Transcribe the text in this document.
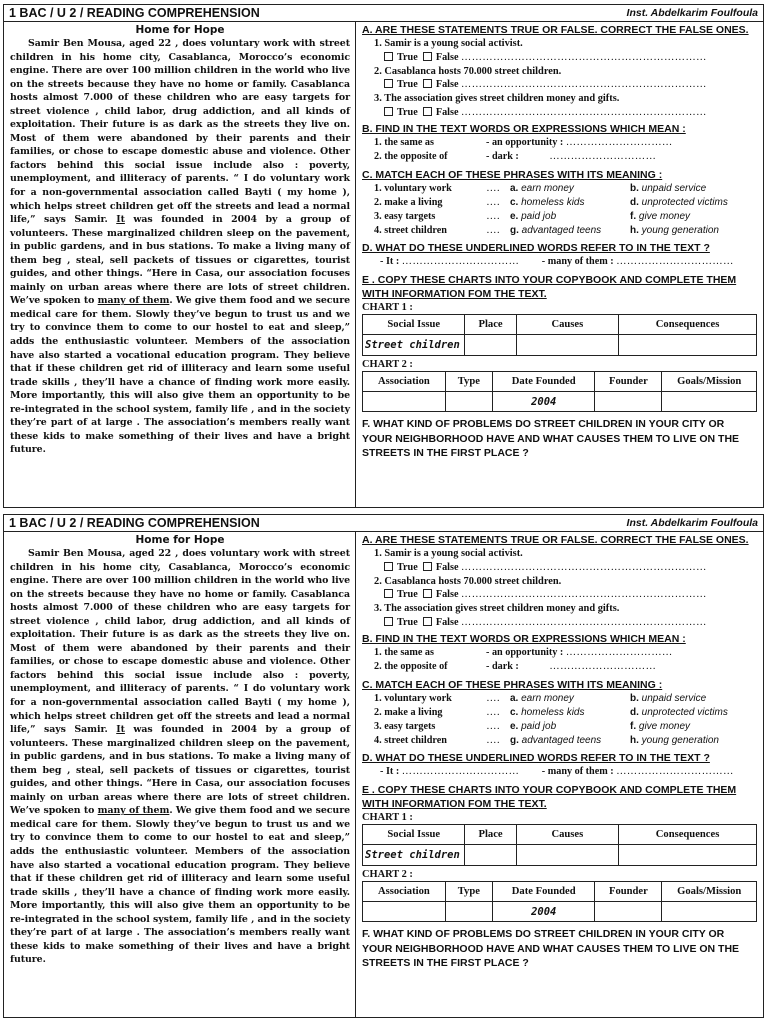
1 BAC / U 2 / READING COMPREHENSION	Inst. Abdelkarim Foulfoula

Home for Hope

Samir Ben Mousa, aged 22 , does voluntary work with street children in his home city, Casablanca, Morocco’s economic engine. There are over 100 million children in the world who live on the streets because they have no home or family. Casablanca hosts almost 7.000 of these children who are easy targets for street violence , child labor, drug addiction, and all kinds of exploitation. Their future is as dark as the streets they live on. Most of them were abandoned by their parents and their families, or chose to escape domestic abuse and violence. Other factors behind this social issue include also : poverty, unemployment, and illiteracy of parents. “ I do voluntary work for a non-governmental association called Bayti ( my home ), which helps street children get off the streets and lead a normal life,” says Samir. It was founded in 2004 by a group of volunteers. These marginalized children sleep on the pavement, in public gardens, and in bus stations. To make a living many of them beg , steal, sell packets of tissues or cigarettes, tourist guides, and other things. “Here in Casa, our association focuses mainly on urban areas where there are lots of street children. We’ve spoken to many of them. We give them food and we secure medical care for them. Slowly they’ve begun to trust us and we try to convince them to come to our hostel to eat and sleep,” adds the enthusiastic volunteer. Members of the association have also started a vocational education program. They believe that if these children get rid of illiteracy and learn some useful trade skills , they’ll have a chance of finding work more easily. More importantly, this will also give them an opportunity to be re-integrated in the school system, family life , and in the society they’re part of at large . The association’s members really want these kids to make something of their lives and have a bright future.

A. ARE THESE STATEMENTS TRUE OR FALSE. CORRECT THE FALSE ONES.

1. Samir is a young social activist.
True False ……………………………………………………………
2. Casablanca hosts 70.000 street children.
True False ……………………………………………………………
3. The association gives street children money and gifts.
True False ……………………………………………………………

B. FIND IN THE TEXT WORDS OR EXPRESSIONS WHICH MEAN :

1. the same as	- an opportunity :
…………………………
2. the opposite of	- dark :
	…………………………

C. MATCH EACH OF THESE PHRASES WITH ITS MEANING :

1. voluntary work	…. a. earn money	b. unpaid service
2. make a living	…. c. homeless kids	d. unprotected victims
3. easy targets	…. e. paid job	f. give money
4. street children	…. g. advantaged teens	h. young generation

D. WHAT DO THESE UNDERLINED WORDS REFER TO IN THE TEXT ?

- It :
……………………………	- many of them :
……………………………

E . COPY THESE CHARTS INTO YOUR COPYBOOK AND COMPLETE THEM WITH INFORMATION FOM THE TEXT.

CHART 1 :

Social Issue	Place	Causes	Consequences
Street children			

CHART 2 :

Association	Type	Date Founded	Founder	Goals/Mission
		2004		

F. WHAT KIND OF PROBLEMS DO STREET CHILDREN IN YOUR CITY OR YOUR NEIGHBORHOOD HAVE AND WHAT CAUSES THEM TO LIVE ON THE STREETS IN THE FIRST PLACE ?

1 BAC / U 2 / READING COMPREHENSION	Inst. Abdelkarim Foulfoula

Home for Hope

Samir Ben Mousa, aged 22 , does voluntary work with street children in his home city, Casablanca, Morocco’s economic engine. There are over 100 million children in the world who live on the streets because they have no home or family. Casablanca hosts almost 7.000 of these children who are easy targets for street violence , child labor, drug addiction, and all kinds of exploitation. Their future is as dark as the streets they live on. Most of them were abandoned by their parents and their families, or chose to escape domestic abuse and violence. Other factors behind this social issue include also : poverty, unemployment, and illiteracy of parents. “ I do voluntary work for a non-governmental association called Bayti ( my home ), which helps street children get off the streets and lead a normal life,” says Samir. It was founded in 2004 by a group of volunteers. These marginalized children sleep on the pavement, in public gardens, and in bus stations. To make a living many of them beg , steal, sell packets of tissues or cigarettes, tourist guides, and other things. “Here in Casa, our association focuses mainly on urban areas where there are lots of street children. We’ve spoken to many of them. We give them food and we secure medical care for them. Slowly they’ve begun to trust us and we try to convince them to come to our hostel to eat and sleep,” adds the enthusiastic volunteer. Members of the association have also started a vocational education program. They believe that if these children get rid of illiteracy and learn some useful trade skills , they’ll have a chance of finding work more easily. More importantly, this will also give them an opportunity to be re-integrated in the school system, family life , and in the society they’re part of at large . The association’s members really want these kids to make something of their lives and have a bright future.

A. ARE THESE STATEMENTS TRUE OR FALSE. CORRECT THE FALSE ONES.

1. Samir is a young social activist.
True False ……………………………………………………………
2. Casablanca hosts 70.000 street children.
True False ……………………………………………………………
3. The association gives street children money and gifts.
True False ……………………………………………………………

B. FIND IN THE TEXT WORDS OR EXPRESSIONS WHICH MEAN :

1. the same as	- an opportunity :
…………………………
2. the opposite of	- dark :
	…………………………

C. MATCH EACH OF THESE PHRASES WITH ITS MEANING :

1. voluntary work	…. a. earn money	b. unpaid service
2. make a living	…. c. homeless kids	d. unprotected victims
3. easy targets	…. e. paid job	f. give money
4. street children	…. g. advantaged teens	h. young generation

D. WHAT DO THESE UNDERLINED WORDS REFER TO IN THE TEXT ?

- It :
……………………………	- many of them :
……………………………

E . COPY THESE CHARTS INTO YOUR COPYBOOK AND COMPLETE THEM WITH INFORMATION FOM THE TEXT.

CHART 1 :

Social Issue	Place	Causes	Consequences
Street children			

CHART 2 :

Association	Type	Date Founded	Founder	Goals/Mission
		2004		

F. WHAT KIND OF PROBLEMS DO STREET CHILDREN IN YOUR CITY OR YOUR NEIGHBORHOOD HAVE AND WHAT CAUSES THEM TO LIVE ON THE STREETS IN THE FIRST PLACE ?
